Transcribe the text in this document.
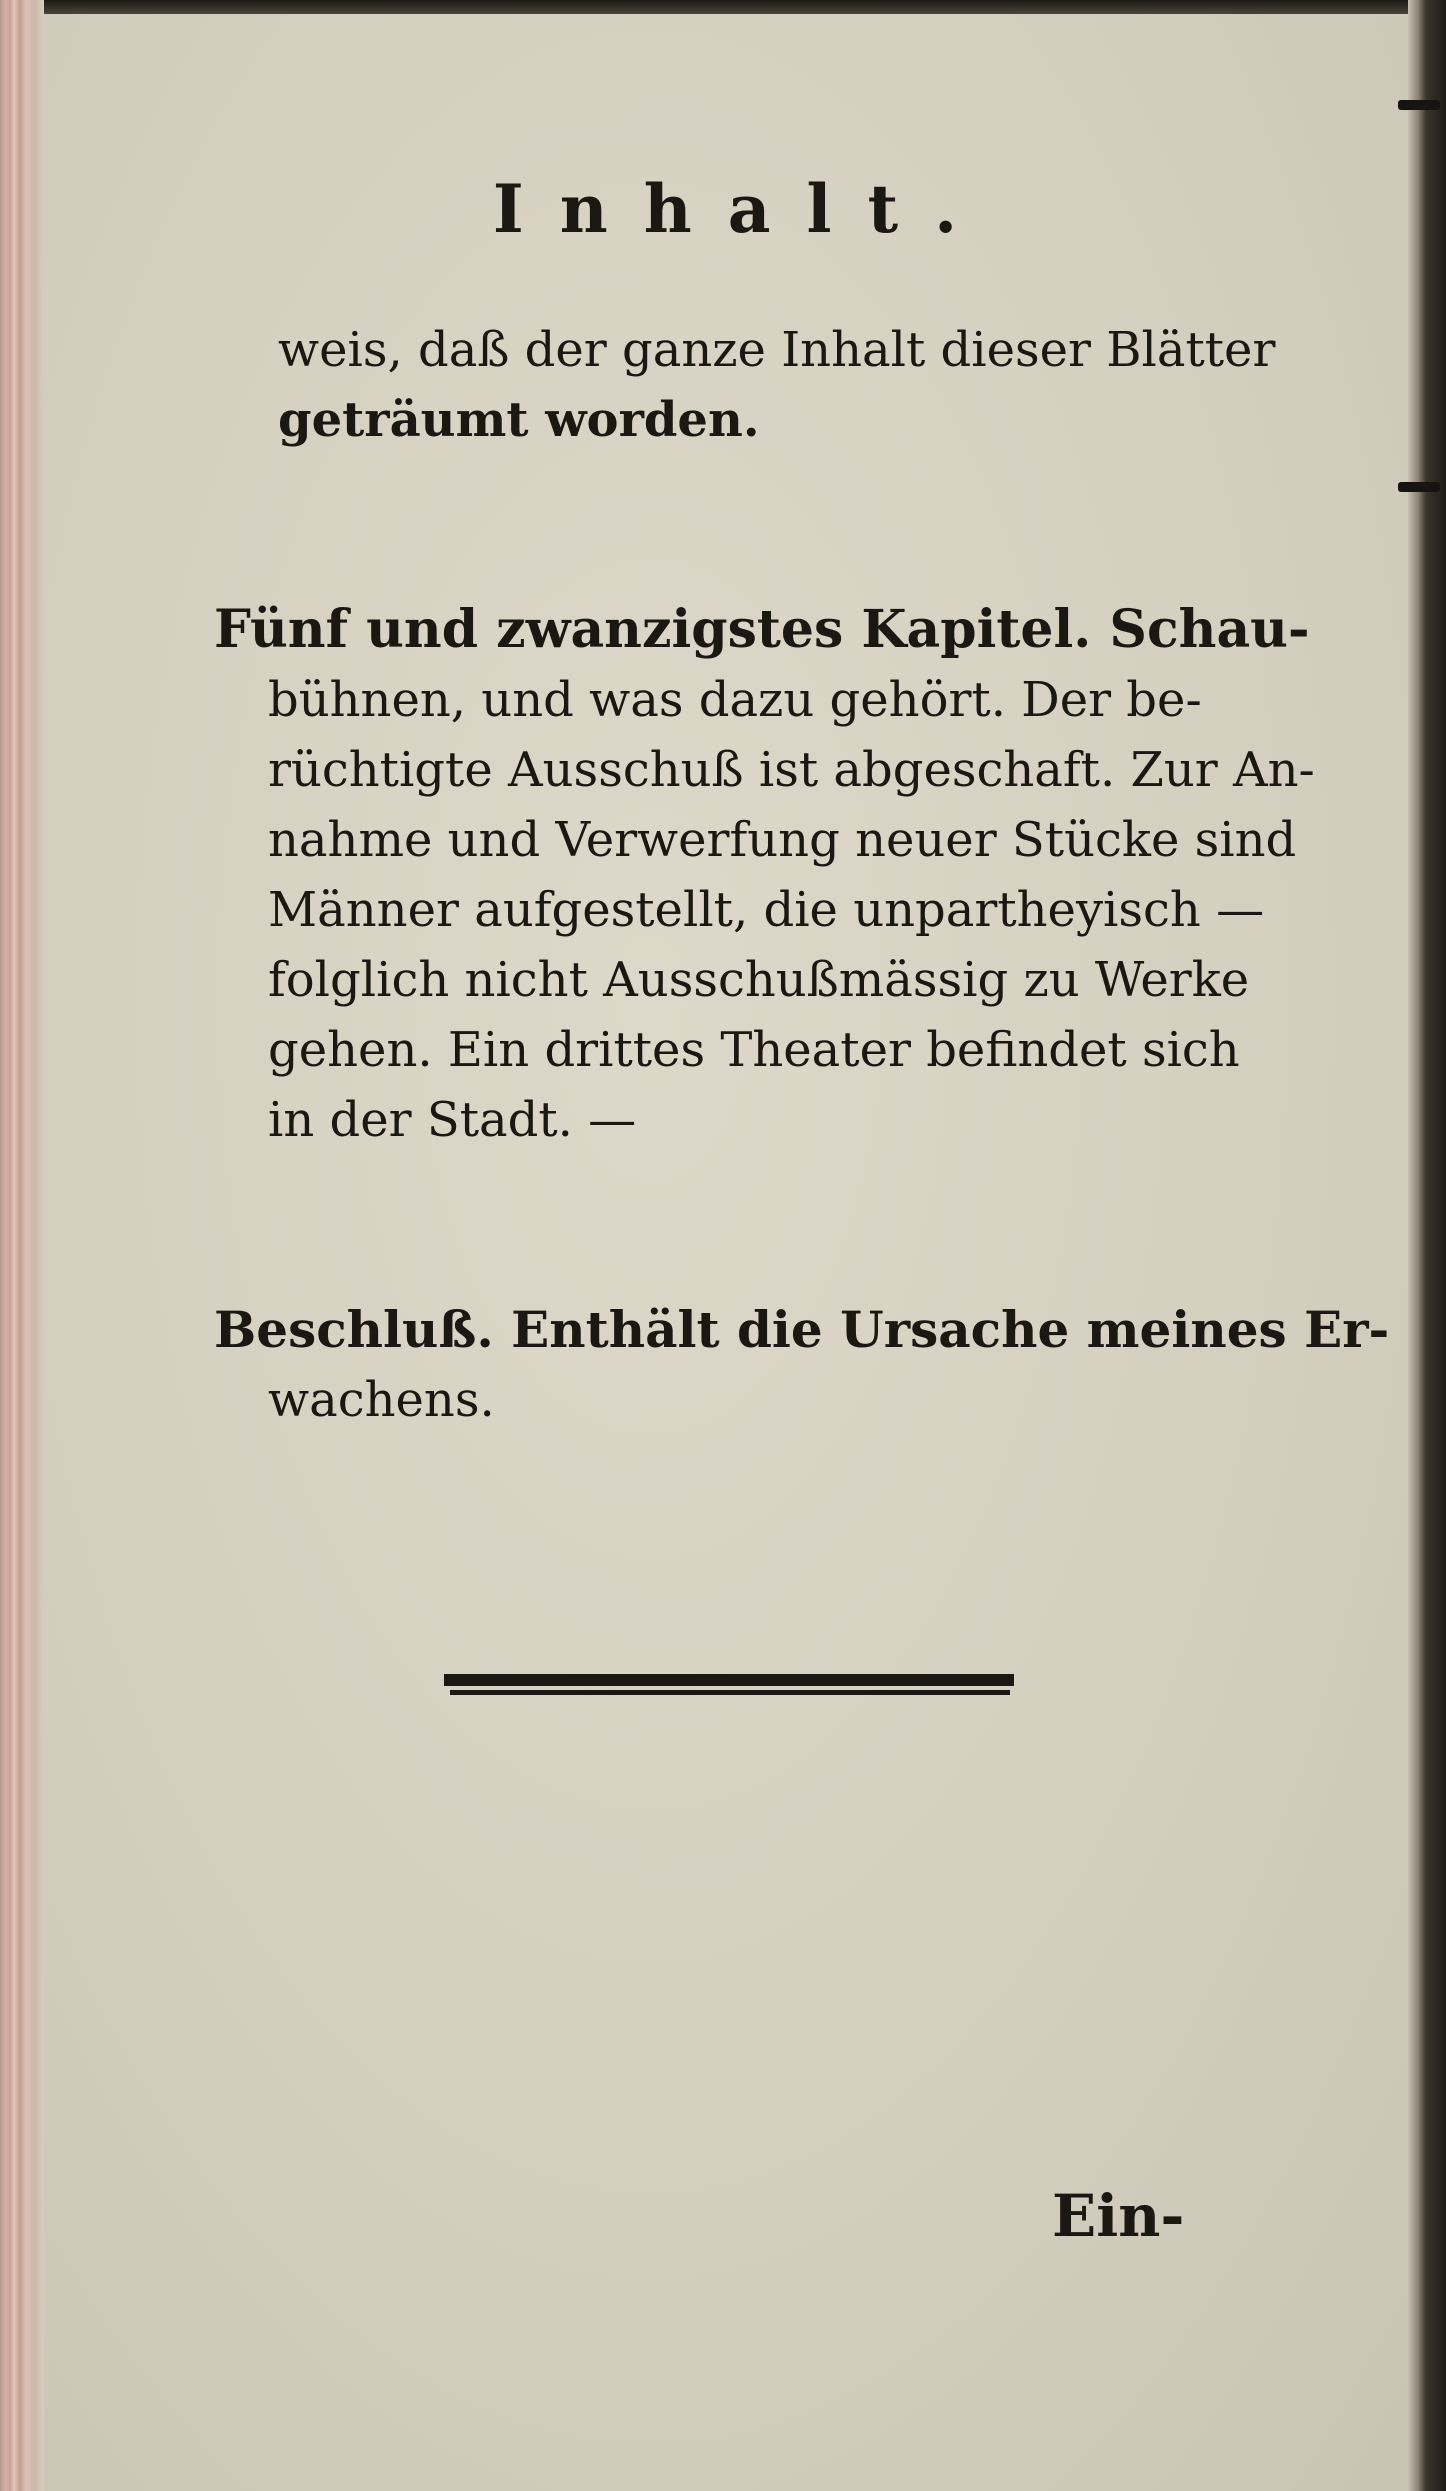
Inhalt.
weis, daß der ganze Inhalt dieser Blätter
geträumt worden.
Fünf und zwanzigstes Kapitel. Schau-
bühnen, und was dazu gehört. Der be-
rüchtigte Ausschuß ist abgeschaft. Zur An-
nahme und Verwerfung neuer Stücke sind
Männer aufgestellt, die unpartheyisch —
folglich nicht Ausschußmässig zu Werke
gehen. Ein drittes Theater befindet sich
in der Stadt. —
Beschluß. Enthält die Ursache meines Er-
wachens.
Ein-
